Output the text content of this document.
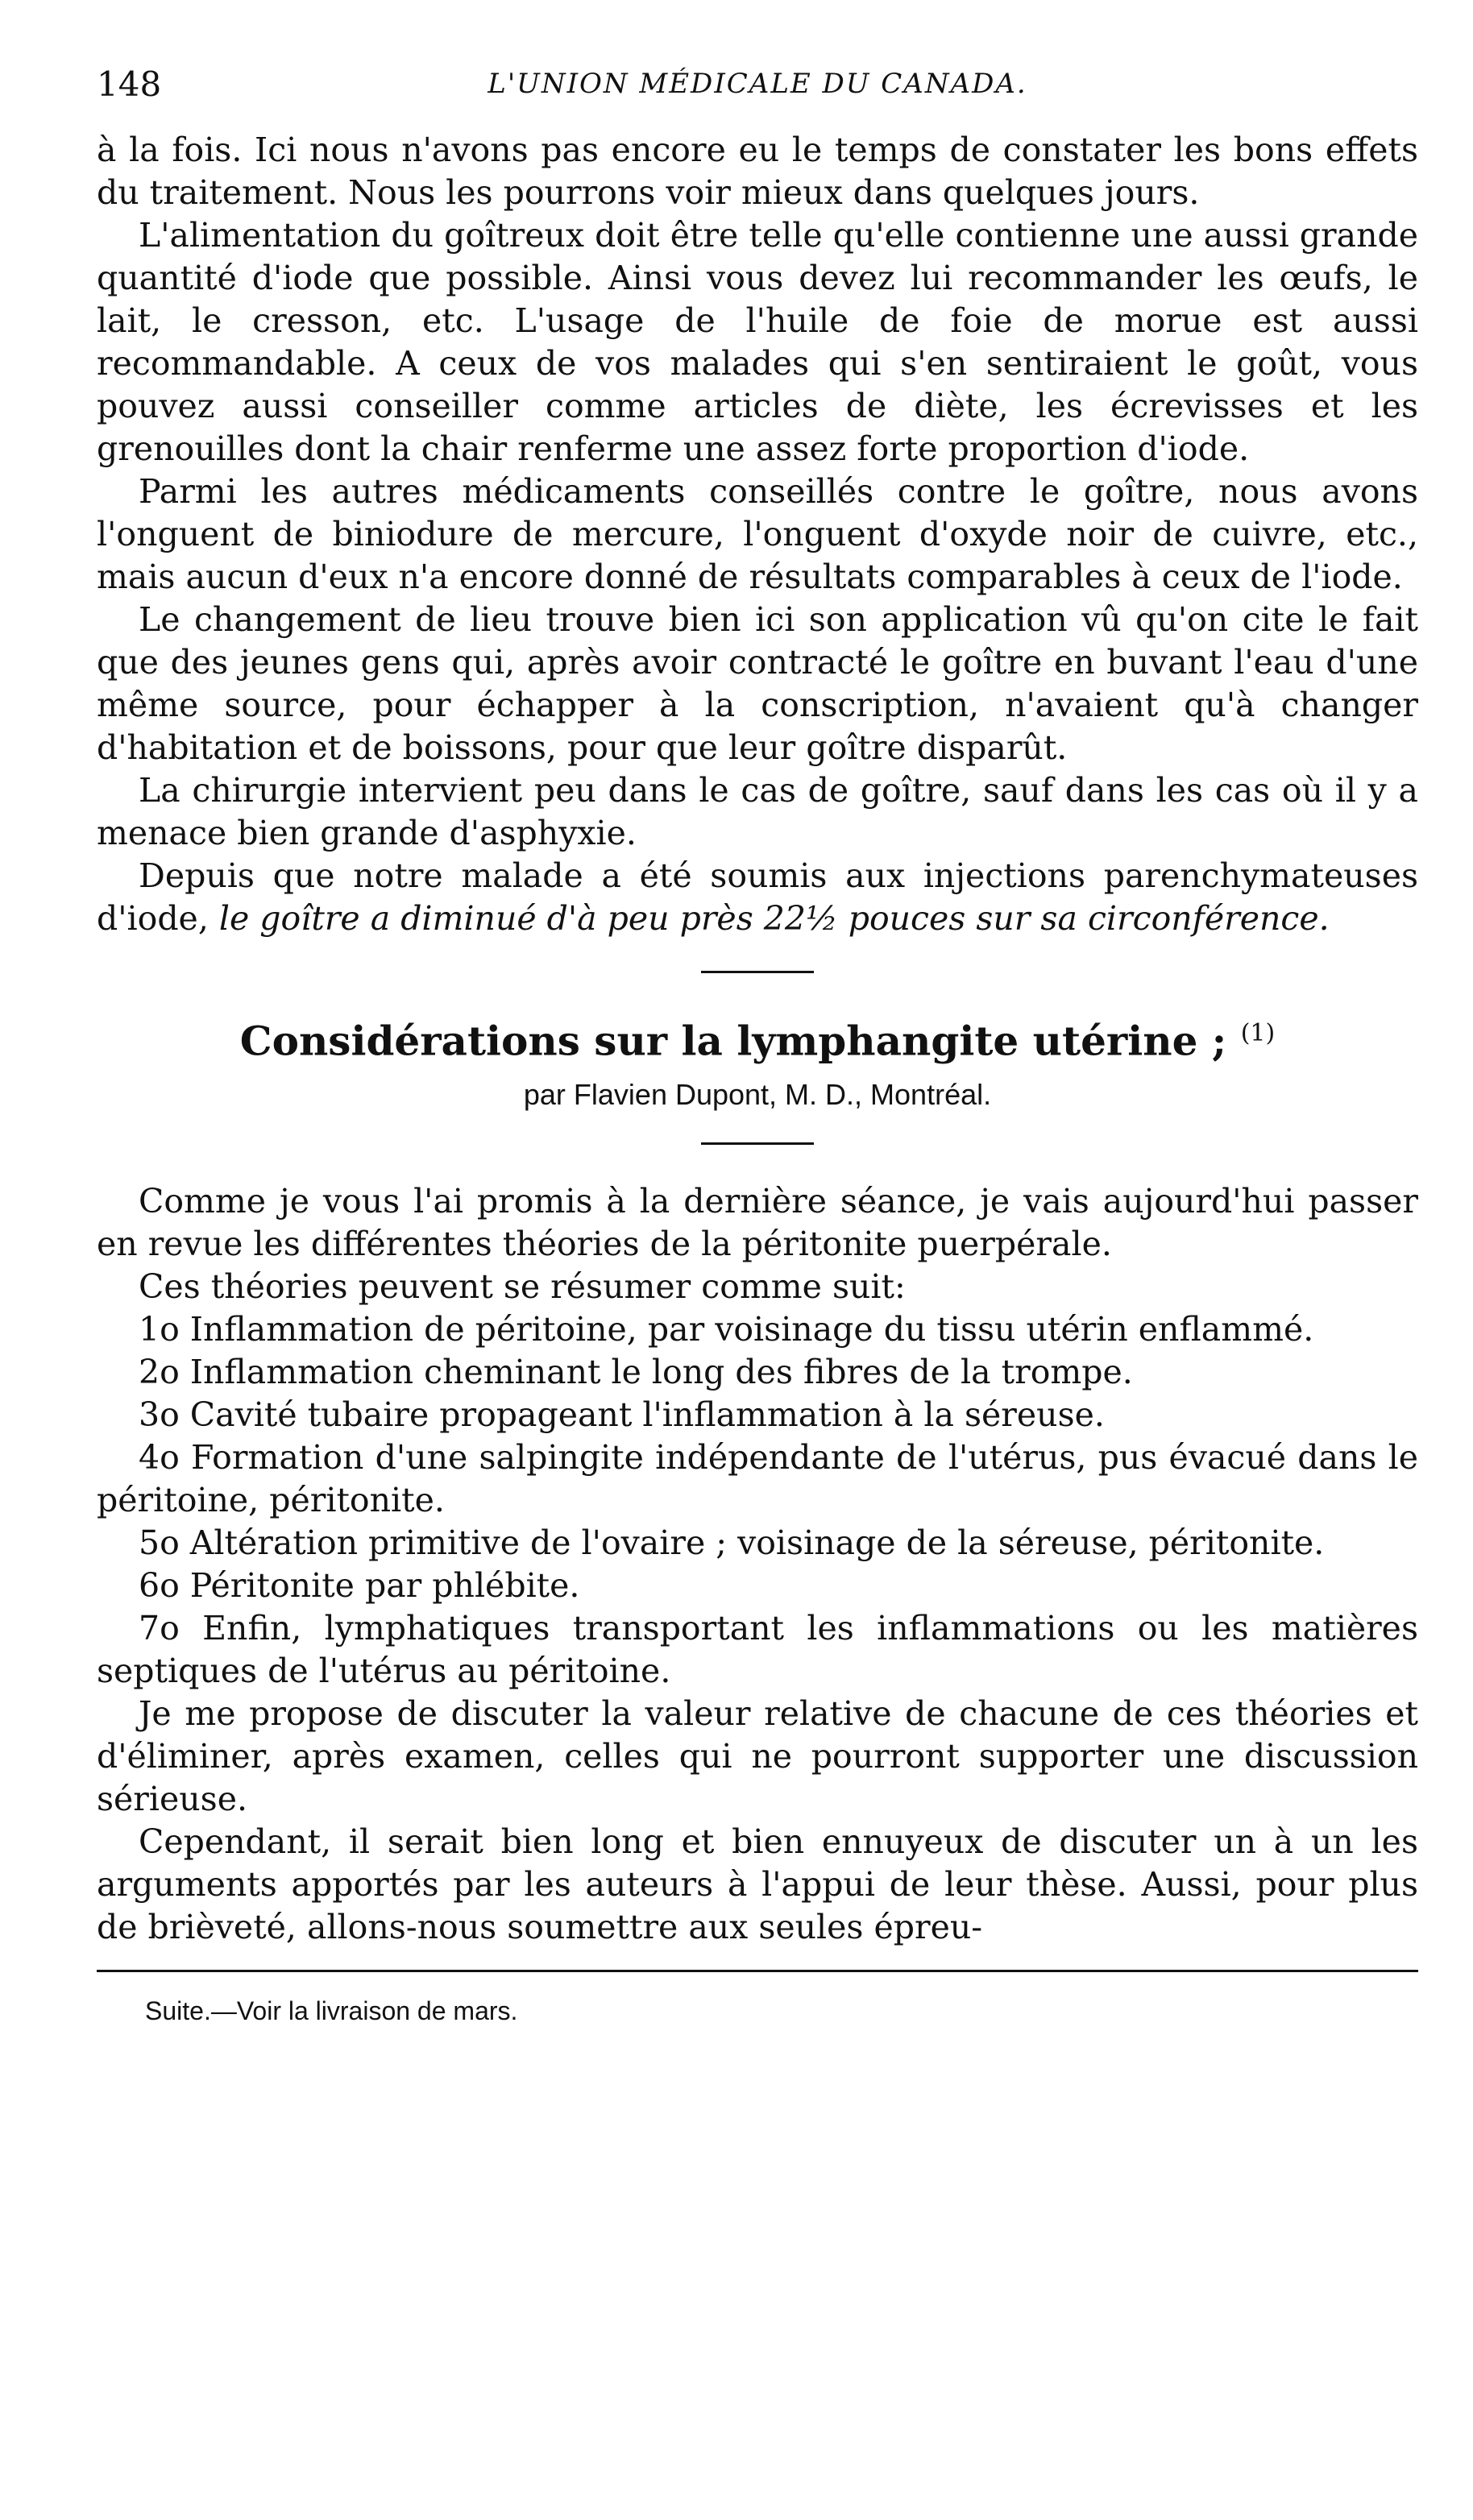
148	L'UNION MÉDICALE DU CANADA.

à la fois. Ici nous n'avons pas encore eu le temps de constater les bons effets du traitement. Nous les pourrons voir mieux dans quelques jours.

L'alimentation du goîtreux doit être telle qu'elle contienne une aussi grande quantité d'iode que possible. Ainsi vous devez lui recommander les œufs, le lait, le cresson, etc. L'usage de l'huile de foie de morue est aussi recommandable. A ceux de vos malades qui s'en sentiraient le goût, vous pouvez aussi conseiller comme articles de diète, les écrevisses et les grenouilles dont la chair renferme une assez forte proportion d'iode.

Parmi les autres médicaments conseillés contre le goître, nous avons l'onguent de biniodure de mercure, l'onguent d'oxyde noir de cuivre, etc., mais aucun d'eux n'a encore donné de résultats comparables à ceux de l'iode.

Le changement de lieu trouve bien ici son application vû qu'on cite le fait que des jeunes gens qui, après avoir contracté le goître en buvant l'eau d'une même source, pour échapper à la conscription, n'avaient qu'à changer d'habitation et de boissons, pour que leur goître disparût.

La chirurgie intervient peu dans le cas de goître, sauf dans les cas où il y a menace bien grande d'asphyxie.

Depuis que notre malade a été soumis aux injections parenchymateuses d'iode, le goître a diminué d'à peu près 22½ pouces sur sa circonférence.

Considérations sur la lymphangite utérine ; $^{(1)}$

par Flavien Dupont, M. D., Montréal.

Comme je vous l'ai promis à la dernière séance, je vais aujourd'hui passer en revue les différentes théories de la péritonite puerpérale.

Ces théories peuvent se résumer comme suit:

1o Inflammation de péritoine, par voisinage du tissu utérin enflammé.

2o Inflammation cheminant le long des fibres de la trompe.

3o Cavité tubaire propageant l'inflammation à la séreuse.

4o Formation d'une salpingite indépendante de l'utérus, pus évacué dans le péritoine, péritonite.

5o Altération primitive de l'ovaire ; voisinage de la séreuse, péritonite.

6o Péritonite par phlébite.

7o Enfin, lymphatiques transportant les inflammations ou les matières septiques de l'utérus au péritoine.

Je me propose de discuter la valeur relative de chacune de ces théories et d'éliminer, après examen, celles qui ne pourront supporter une discussion sérieuse.

Cependant, il serait bien long et bien ennuyeux de discuter un à un les arguments apportés par les auteurs à l'appui de leur thèse. Aussi, pour plus de brièveté, allons-nous soumettre aux seules épreu-

Suite.—Voir la livraison de mars.
